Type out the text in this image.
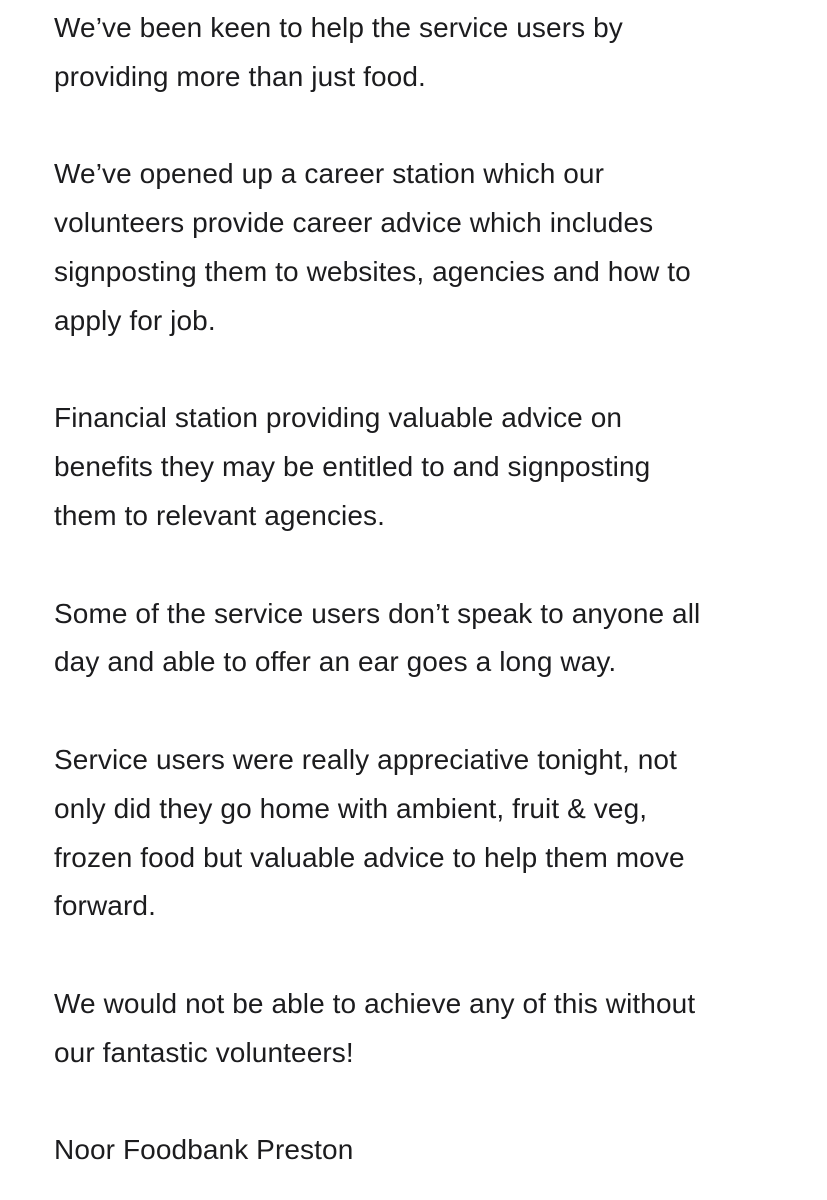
We’ve been keen to help the service users by
providing more than just food.

We’ve opened up a career station which our
volunteers provide career advice which includes
signposting them to websites, agencies and how to
apply for job.

Financial station providing valuable advice on
benefits they may be entitled to and signposting
them to relevant agencies.

Some of the service users don’t speak to anyone all
day and able to offer an ear goes a long way.

Service users were really appreciative tonight, not
only did they go home with ambient, fruit & veg,
frozen food but valuable advice to help them move
forward.

We would not be able to achieve any of this without
our fantastic volunteers!

Noor Foodbank Preston
